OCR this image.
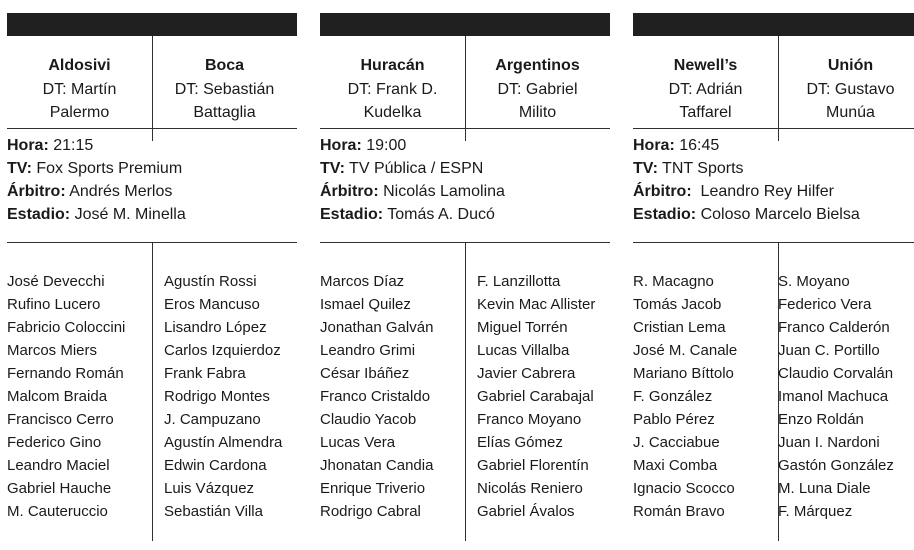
Aldosivi
DT: Martín
Palermo
Boca
DT: Sebastián
Battaglia
Hora: 21:15
TV: Fox Sports Premium
Árbitro: Andrés Merlos
Estadio: José M. Minella
José Devecchi
Rufino Lucero
Fabricio Coloccini
Marcos Miers
Fernando Román
Malcom Braida
Francisco Cerro
Federico Gino
Leandro Maciel
Gabriel Hauche
M. Cauteruccio
Agustín Rossi
Eros Mancuso
Lisandro López
Carlos Izquierdoz
Frank Fabra
Rodrigo Montes
J. Campuzano
Agustín Almendra
Edwin Cardona
Luis Vázquez
Sebastián Villa
Huracán
DT: Frank D.
Kudelka
Argentinos
DT: Gabriel
Milito
Hora: 19:00
TV: TV Pública / ESPN
Árbitro: Nicolás Lamolina
Estadio: Tomás A. Ducó
Marcos Díaz
Ismael Quilez
Jonathan Galván
Leandro Grimi
César Ibáñez
Franco Cristaldo
Claudio Yacob
Lucas Vera
Jhonatan Candia
Enrique Triverio
Rodrigo Cabral
F. Lanzillotta
Kevin Mac Allister
Miguel Torrén
Lucas Villalba
Javier Cabrera
Gabriel Carabajal
Franco Moyano
Elías Gómez
Gabriel Florentín
Nicolás Reniero
Gabriel Ávalos
Newell’s
DT: Adrián
Taffarel
Unión
DT: Gustavo
Munúa
Hora: 16:45
TV: TNT Sports
Árbitro:  Leandro Rey Hilfer
Estadio: Coloso Marcelo Bielsa
R. Macagno
Tomás Jacob
Cristian Lema
José M. Canale
Mariano Bíttolo
F. González
Pablo Pérez
J. Cacciabue
Maxi Comba
Ignacio Scocco
Román Bravo
S. Moyano
Federico Vera
Franco Calderón
Juan C. Portillo
Claudio Corvalán
Imanol Machuca
Enzo Roldán
Juan I. Nardoni
Gastón González
M. Luna Diale
F. Márquez
